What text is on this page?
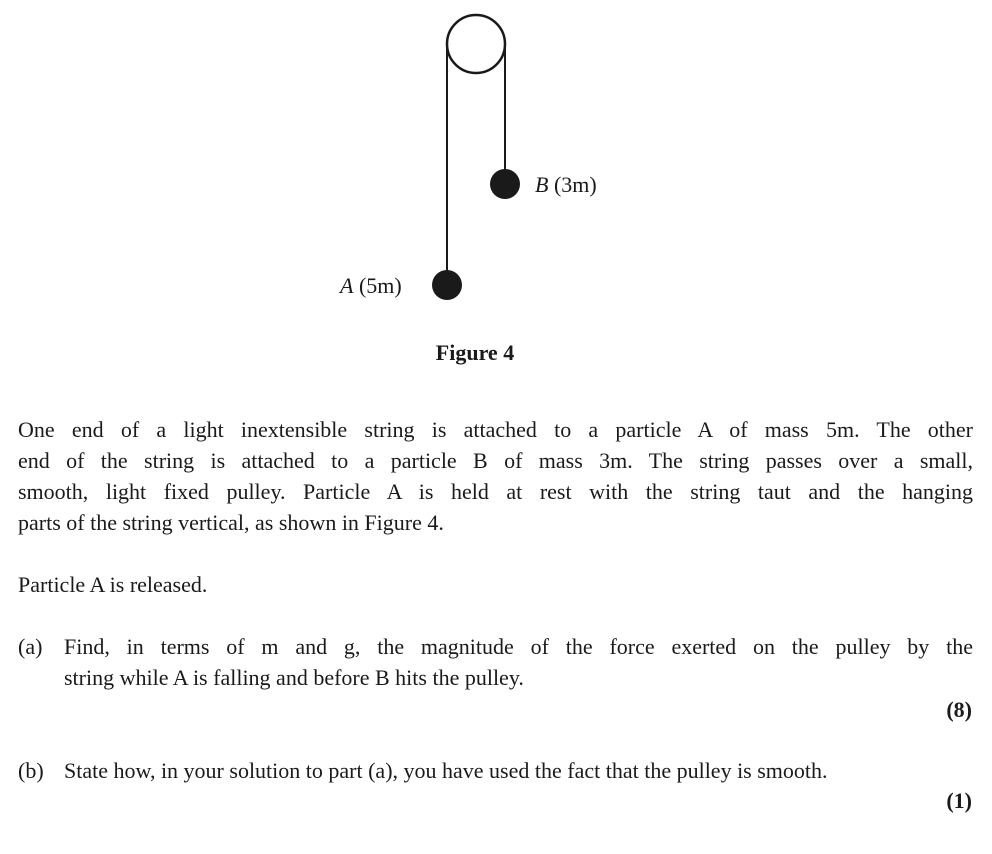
B (3m)
A (5m)
Figure 4

One end of a light inextensible string is attached to a particle A of mass 5m. The other
end of the string is attached to a particle B of mass 3m. The string passes over a small,
smooth, light fixed pulley. Particle A is held at rest with the string taut and the hanging
parts of the string vertical, as shown in Figure 4.

Particle A is released.

(a) Find, in terms of m and g, the magnitude of the force exerted on the pulley by the
string while A is falling and before B hits the pulley.

(8)
(b) State how, in your solution to part (a), you have used the fact that the pulley is smooth.

(1)
